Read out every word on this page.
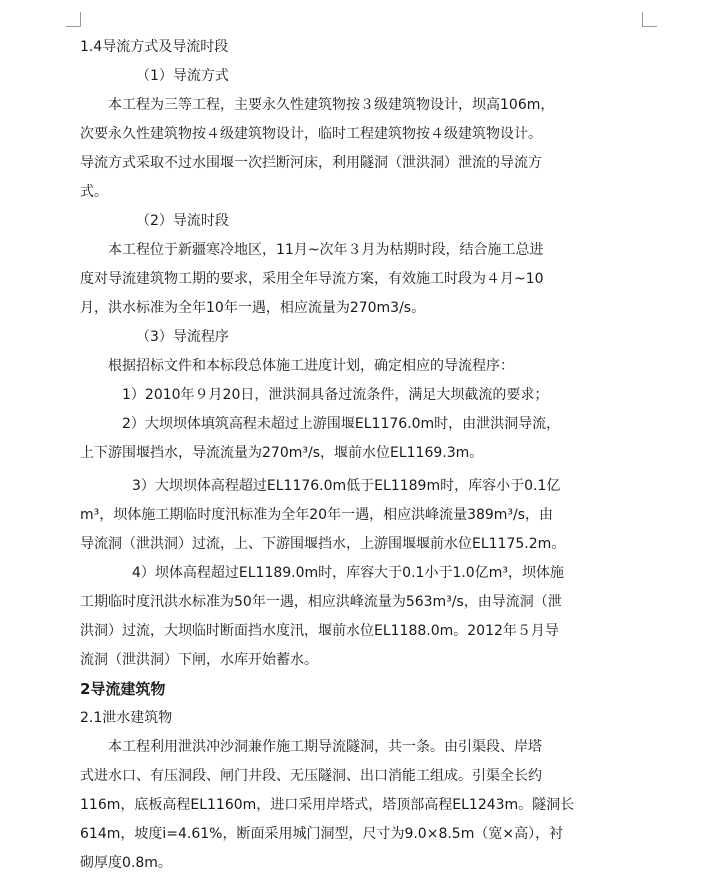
1.4导流方式及导流时段
（1）导流方式
本工程为三等工程，主要永久性建筑物按３级建筑物设计，坝高106m，
次要永久性建筑物按４级建筑物设计，临时工程建筑物按４级建筑物设计。
导流方式采取不过水围堰一次拦断河床，利用隧洞（泄洪洞）泄流的导流方
式。
（2）导流时段
本工程位于新疆寒冷地区，11月~次年３月为枯期时段，结合施工总进
度对导流建筑物工期的要求，采用全年导流方案，有效施工时段为４月~10
月，洪水标准为全年10年一遇，相应流量为270m3/s。
（3）导流程序
根据招标文件和本标段总体施工进度计划，确定相应的导流程序：
1）2010年９月20日，泄洪洞具备过流条件，满足大坝截流的要求；
2）大坝坝体填筑高程未超过上游围堰EL1176.0m时，由泄洪洞导流，
上下游围堰挡水，导流流量为270m³/s，堰前水位EL1169.3m。
3）大坝坝体高程超过EL1176.0m低于EL1189m时，库容小于0.1亿
m³，坝体施工期临时度汛标准为全年20年一遇，相应洪峰流量389m³/s，由
导流洞（泄洪洞）过流，上、下游围堰挡水，上游围堰堰前水位EL1175.2m。
4）坝体高程超过EL1189.0m时，库容大于0.1小于1.0亿m³，坝体施
工期临时度汛洪水标准为50年一遇，相应洪峰流量为563m³/s，由导流洞（泄
洪洞）过流，大坝临时断面挡水度汛，堰前水位EL1188.0m。2012年５月导
流洞（泄洪洞）下闸，水库开始蓄水。
2导流建筑物
2.1泄水建筑物
本工程利用泄洪冲沙洞兼作施工期导流隧洞，共一条。由引渠段、岸塔
式进水口、有压洞段、闸门井段、无压隧洞、出口消能工组成。引渠全长约
116m，底板高程EL1160m，进口采用岸塔式，塔顶部高程EL1243m。隧洞长
614m，坡度i=4.61%，断面采用城门洞型，尺寸为9.0×8.5m（宽×高），衬
砌厚度0.8m。
